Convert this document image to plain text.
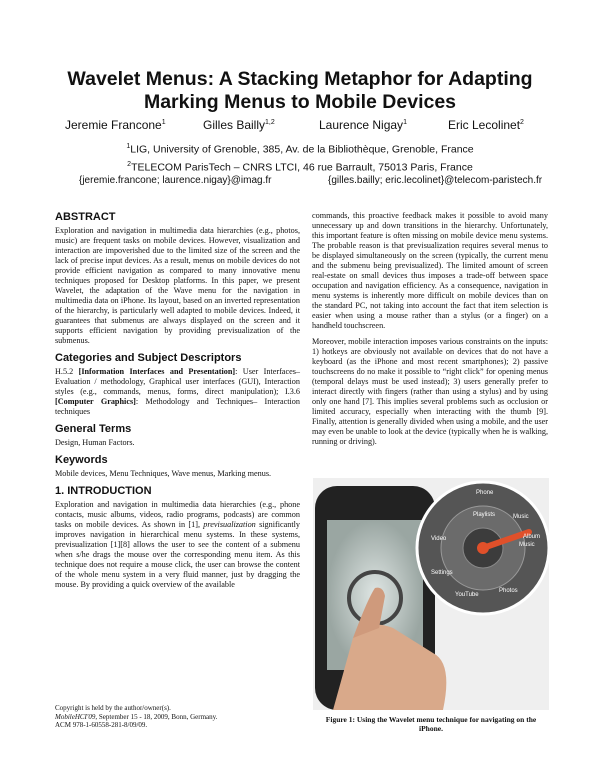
Wavelet Menus: A Stacking Metaphor for Adapting Marking Menus to Mobile Devices
Jeremie Francone$^1$	Gilles Bailly$^{1,2}$	Laurence Nigay$^1$	Eric Lecolinet$^2$
$^1$LIG, University of Grenoble, 385, Av. de la Bibliothèque, Grenoble, France
$^2$TELECOM ParisTech – CNRS LTCI, 46 rue Barrault, 75013 Paris, France
{jeremie.francone; laurence.nigay}@imag.fr	{gilles.bailly; eric.lecolinet}@telecom-paristech.fr
ABSTRACT

Exploration and navigation in multimedia data hierarchies (e.g., photos, music) are frequent tasks on mobile devices. However, visualization and interaction are impoverished due to the limited size of the screen and the lack of precise input devices. As a result, menus on mobile devices do not provide efficient navigation as compared to many innovative menu techniques proposed for Desktop platforms. In this paper, we present Wavelet, the adaptation of the Wave menu for the navigation in multimedia data on iPhone. Its layout, based on an inverted representation of the hierarchy, is particularly well adapted to mobile devices. Indeed, it guarantees that submenus are always displayed on the screen and it supports efficient navigation by providing previsualization of the submenus.

Categories and Subject Descriptors

H.5.2 [Information Interfaces and Presentation]: User Interfaces– Evaluation / methodology, Graphical user interfaces (GUI), Interaction styles (e.g., commands, menus, forms, direct manipulation); I.3.6 [Computer Graphics]: Methodology and Techniques– Interaction techniques

General Terms

Design, Human Factors.

Keywords

Mobile devices, Menu Techniques, Wave menus, Marking menus.

1. INTRODUCTION

Exploration and navigation in multimedia data hierarchies (e.g., phone contacts, music albums, videos, radio programs, podcasts) are common tasks on mobile devices. As shown in [1], previsualization significantly improves navigation in hierarchical menu systems. In these systems, previsualization [1][8] allows the user to see the content of a submenu when s/he drags the mouse over the corresponding menu item. As this technique does not require a mouse click, the user can browse the content of the whole menu system in a very fluid manner, just by dragging the mouse. By providing a quick overview of the available

Copyright is held by the author/owner(s).
MobileHCI'09, September 15 - 18, 2009, Bonn, Germany.
ACM 978-1-60558-281-8/09/09.

commands, this proactive feedback makes it possible to avoid many unnecessary up and down transitions in the hierarchy. Unfortunately, this important feature is often missing on mobile device menu systems. The probable reason is that previsualization requires several menus to be displayed simultaneously on the screen (typically, the current menu and the submenu being previsualized). The limited amount of screen real-estate on small devices thus imposes a trade-off between space occupation and navigation efficiency. As a consequence, navigation in menu systems is inherently more difficult on mobile devices than on the standard PC, not taking into account the fact that item selection is easier when using a mouse rather than a stylus (or a finger) on a handheld touchscreen.

Moreover, mobile interaction imposes various constraints on the inputs: 1) hotkeys are obviously not available on devices that do not have a keyboard (as the iPhone and most recent smartphones); 2) passive touchscreens do no make it possible to “right click” for opening menus (temporal delays must be used instead); 3) users generally prefer to interact directly with fingers (rather than using a stylus) and by using only one hand [7]. This implies several problems such as occlusion or limited accuracy, especially when interacting with the thumb [9]. Finally, attention is generally divided when using a mobile, and the user may even be unable to look at the device (typically when he is walking, running or driving).

Phone
Playlists
Video
Music
Album
Music
Settings
YouTube
Photos
Figure 1: Using the Wavelet menu technique for navigating on the iPhone.
